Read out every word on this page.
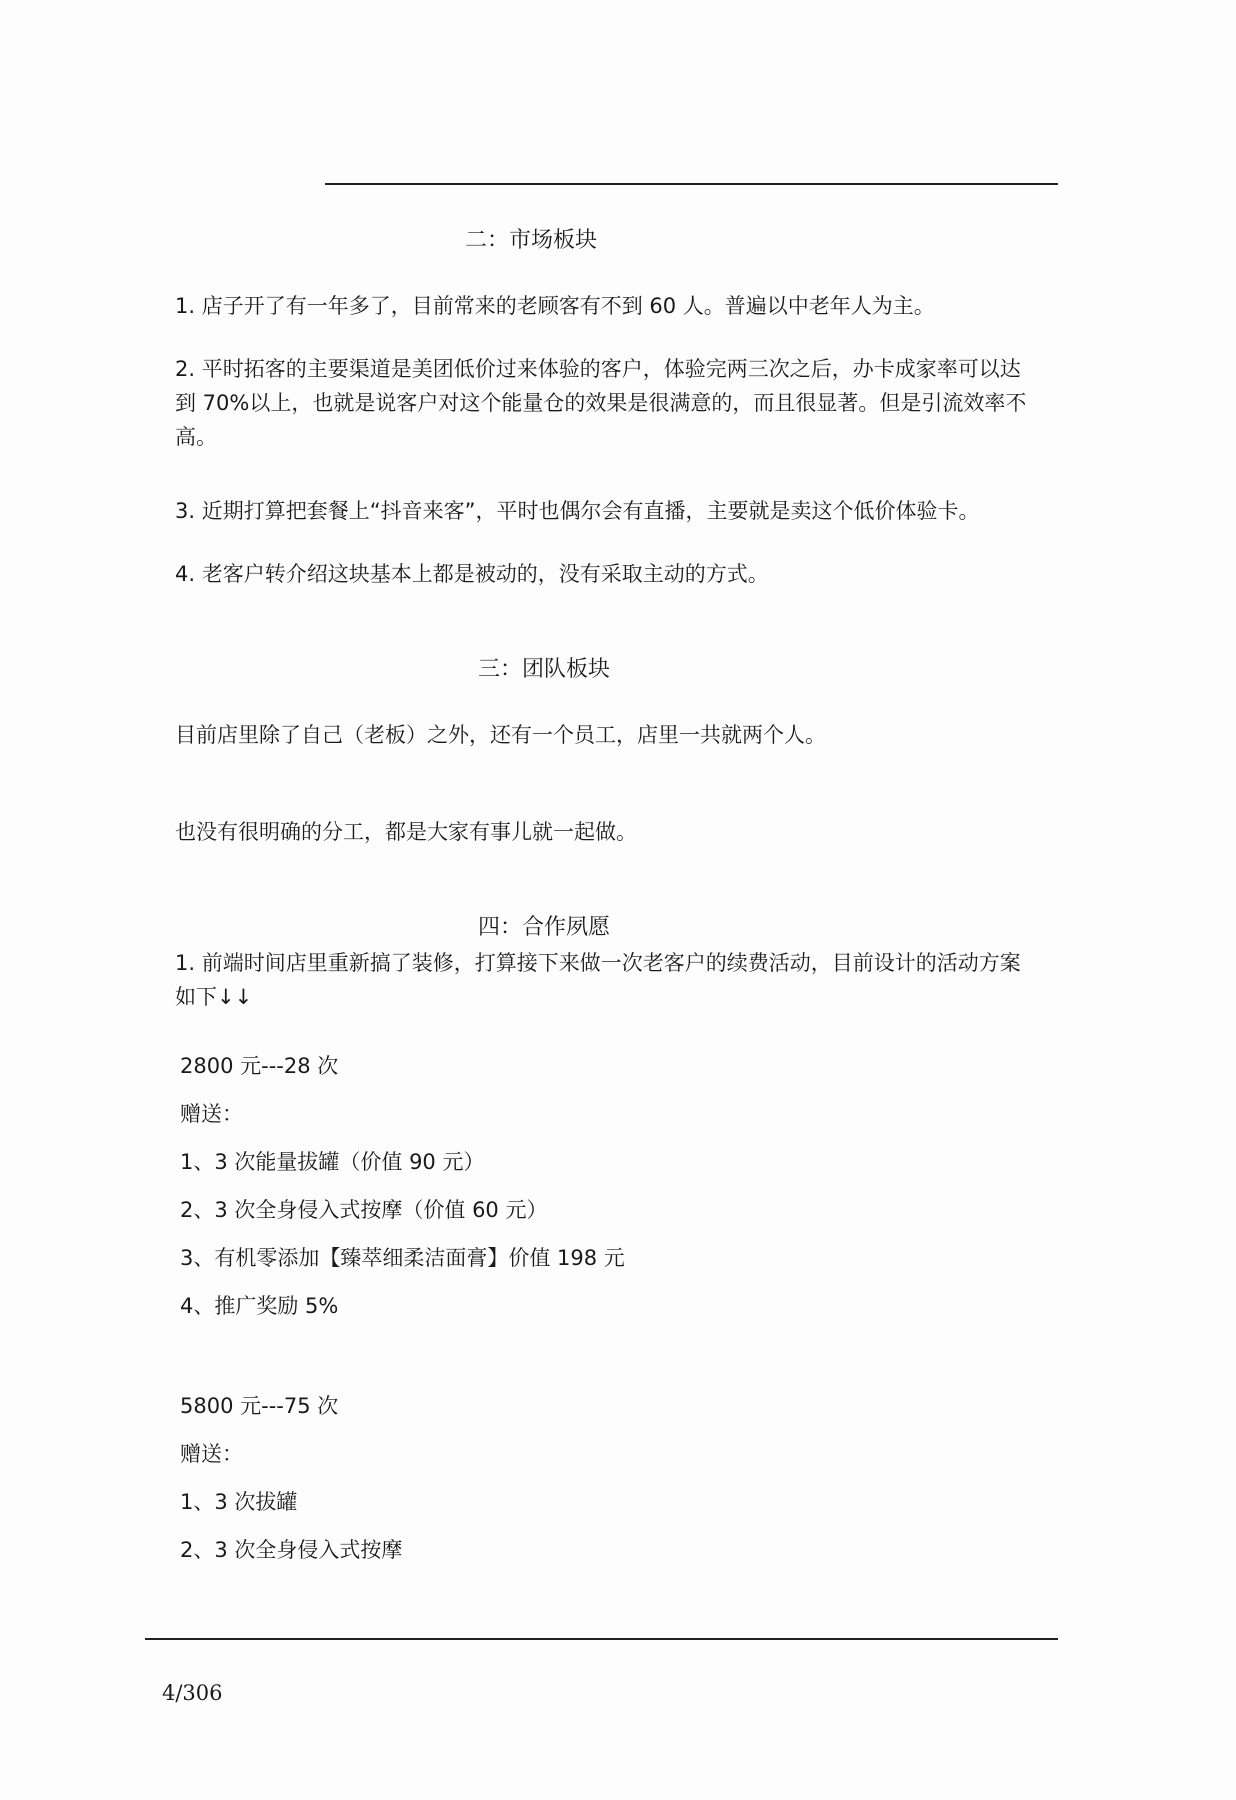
二：市场板块
1. 店子开了有一年多了，目前常来的老顾客有不到 60 人。普遍以中老年人为主。
2. 平时拓客的主要渠道是美团低价过来体验的客户，体验完两三次之后，办卡成家率可以达到 70%以上，也就是说客户对这个能量仓的效果是很满意的，而且很显著。但是引流效率不高。
3. 近期打算把套餐上“抖音来客”，平时也偶尔会有直播，主要就是卖这个低价体验卡。
4. 老客户转介绍这块基本上都是被动的，没有采取主动的方式。
三：团队板块
目前店里除了自己（老板）之外，还有一个员工，店里一共就两个人。
也没有很明确的分工，都是大家有事儿就一起做。
四：合作夙愿
1. 前端时间店里重新搞了装修，打算接下来做一次老客户的续费活动，目前设计的活动方案如下↓↓
2800 元---28 次
赠送：
1、3 次能量拔罐（价值 90 元）
2、3 次全身侵入式按摩（价值 60 元）
3、有机零添加【臻萃细柔洁面膏】价值 198 元
4、推广奖励 5%
5800 元---75 次
赠送：
1、3 次拔罐
2、3 次全身侵入式按摩
4/306
